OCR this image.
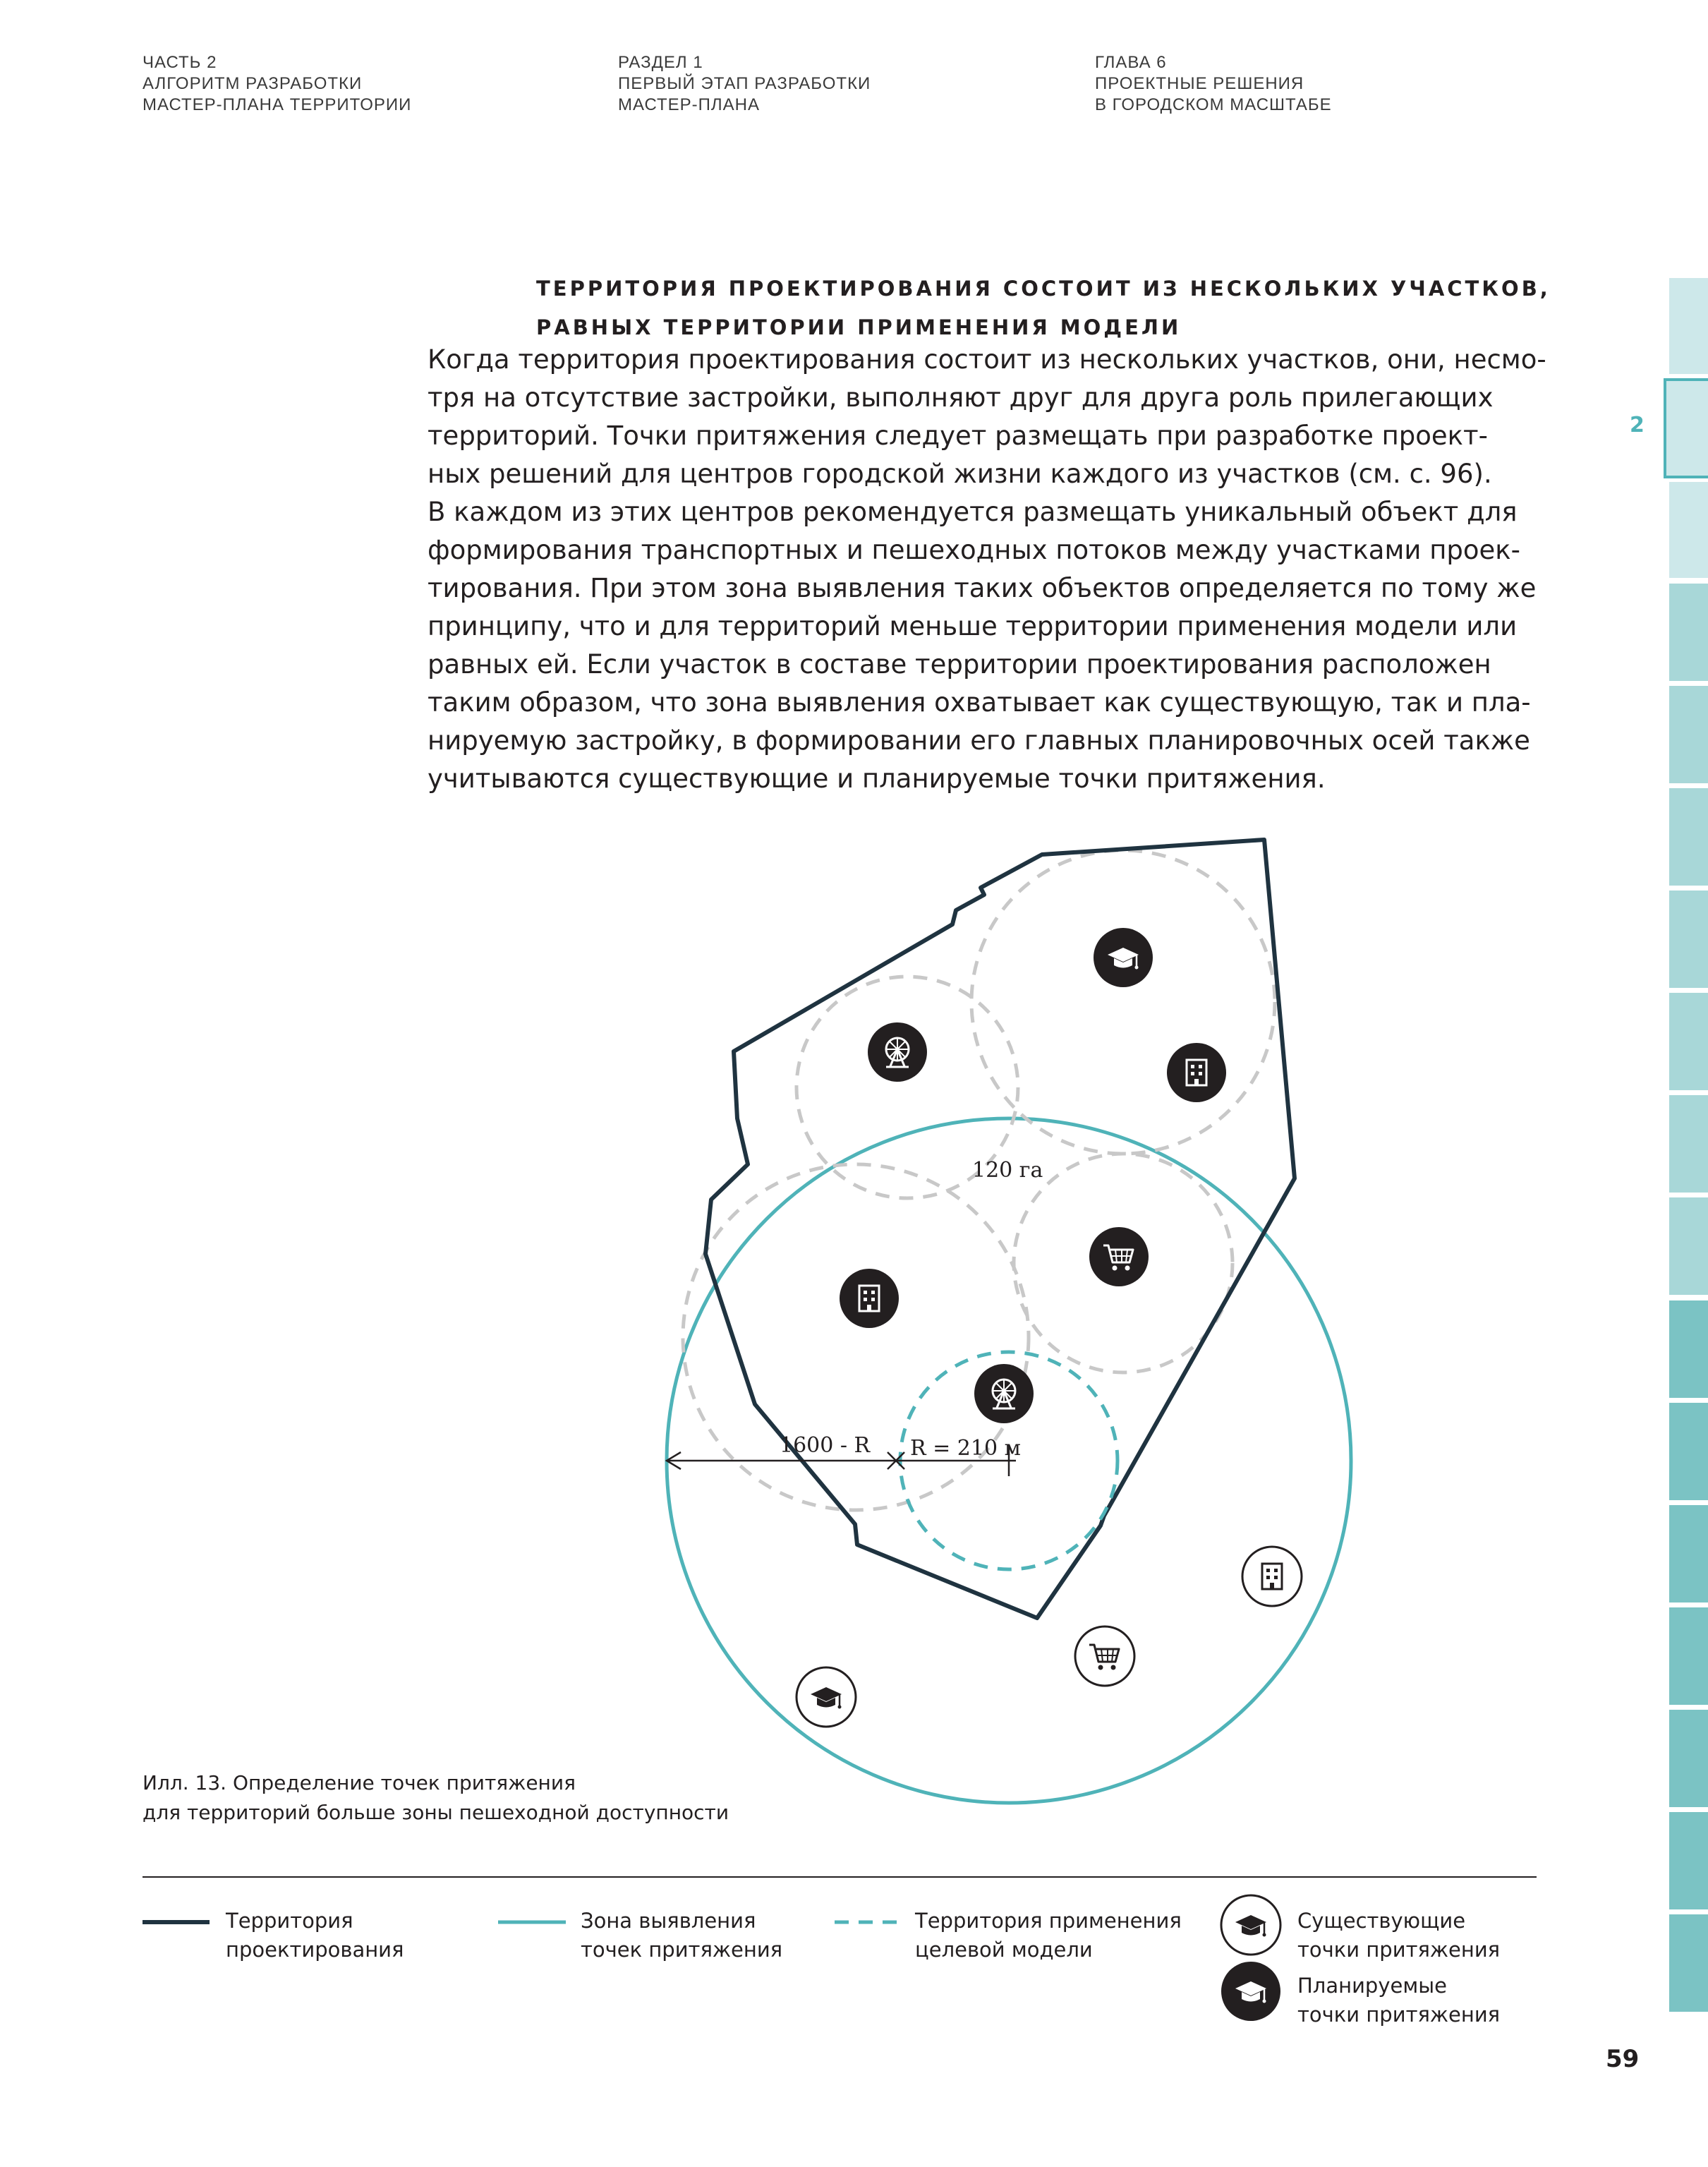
ЧАСТЬ 2
АЛГОРИТМ РАЗРАБОТКИ
МАСТЕР-ПЛАНА ТЕРРИТОРИИ
РАЗДЕЛ 1
ПЕРВЫЙ ЭТАП РАЗРАБОТКИ
МАСТЕР-ПЛАНА
ГЛАВА 6
ПРОЕКТНЫЕ РЕШЕНИЯ
В ГОРОДСКОМ МАСШТАБЕ
2
ТЕРРИТОРИЯ ПРОЕКТИРОВАНИЯ СОСТОИТ ИЗ НЕСКОЛЬКИХ УЧАСТКОВ,
РАВНЫХ ТЕРРИТОРИИ ПРИМЕНЕНИЯ МОДЕЛИ
Когда территория проектирования состоит из нескольких участков, они, несмо-
тря на отсутствие застройки, выполняют друг для друга роль прилегающих
территорий. Точки притяжения следует размещать при разработке проект-
ных решений для центров городской жизни каждого из участков (см. с. 96).
В каждом из этих центров рекомендуется размещать уникальный объект для
формирования транспортных и пешеходных потоков между участками проек-
тирования. При этом зона выявления таких объектов определяется по тому же
принципу, что и для территорий меньше территории применения модели или
равных ей. Если участок в составе территории проектирования расположен
таким образом, что зона выявления охватывает как существующую, так и пла-
нируемую застройку, в формировании его главных планировочных осей также
учитываются существующие и планируемые точки притяжения.
1600 - R R = 210 м
120 га
Илл. 13. Определение точек притяжения
для территорий больше зоны пешеходной доступности
Территория
проектирования
Зона выявления
точек притяжения
Территория применения
целевой модели
Существующие
точки притяжения
Планируемые
точки притяжения
59
